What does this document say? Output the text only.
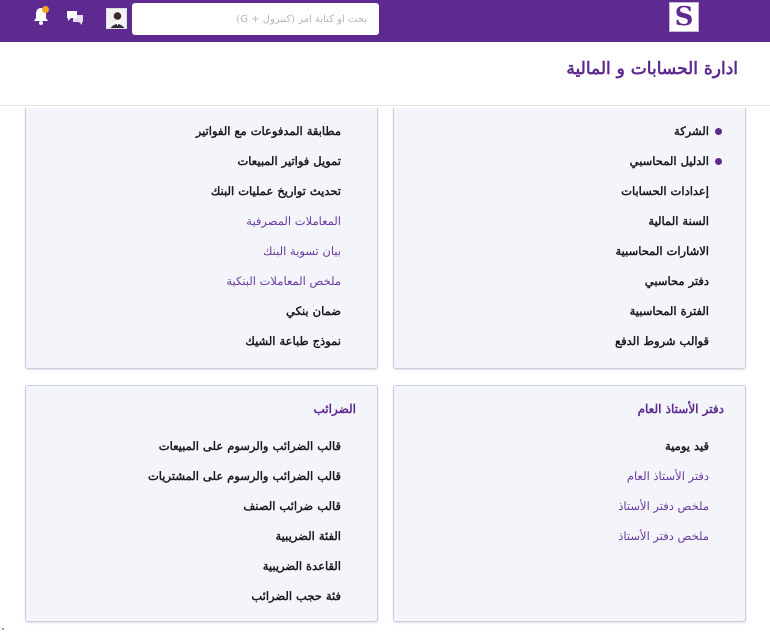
S
بحث أو كتابة أمر (كنترول + G)
ادارة الحسابات و المالية
الشركة
الدليل المحاسبي
إعدادات الحسابات
السنة المالية
الاشارات المحاسبية
دفتر محاسبي
الفترة المحاسبية
قوالب شروط الدفع
مطابقة المدفوعات مع الفواتير
تمويل فواتير المبيعات
تحديث تواريخ عمليات البنك
المعاملات المصرفية
بيان تسوية البنك
ملخص المعاملات البنكية
ضمان بنكي
نموذج طباعة الشيك
دفتر الأستاذ العام
قيد يومية
دفتر الأستاذ العام
ملخص دفتر الأستاذ
ملخص دفتر الأستاذ
الضرائب
قالب الضرائب والرسوم على المبيعات
قالب الضرائب والرسوم على المشتريات
قالب ضرائب الصنف
الفئة الضريبية
القاعدة الضريبية
فئة حجب الضرائب
